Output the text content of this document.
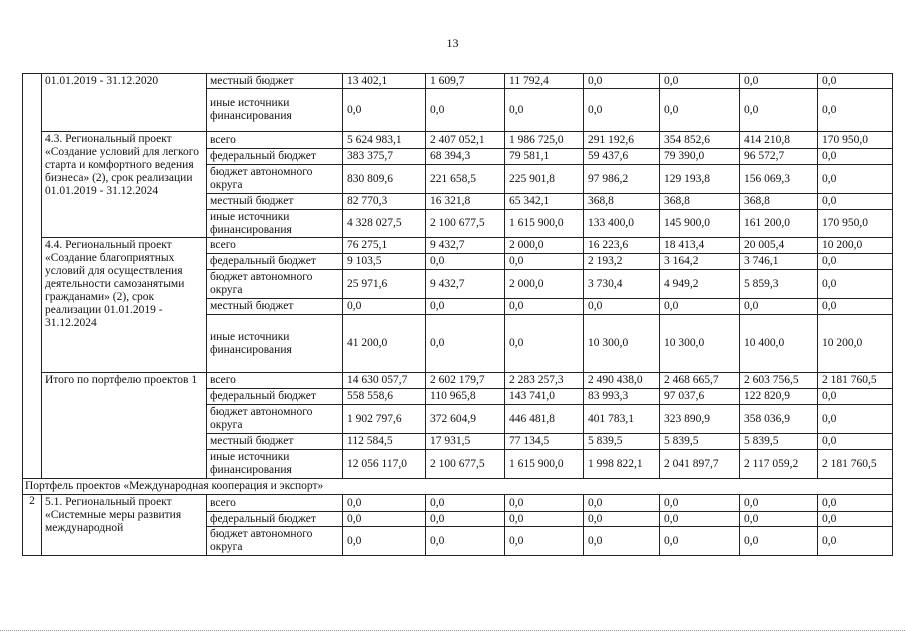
13
	01.01.2019 - 31.12.2020	местный бюджет	13 402,1	1 609,7	11 792,4	0,0	0,0	0,0	0,0
		иные источники финансирования	0,0	0,0	0,0	0,0	0,0	0,0	0,0
	4.3. Региональный проект «Создание условий для легкого старта и комфортного ведения бизнеса» (2), срок реализации 01.01.2019 - 31.12.2024	всего	5 624 983,1	2 407 052,1	1 986 725,0	291 192,6	354 852,6	414 210,8	170 950,0
		федеральный бюджет	383 375,7	68 394,3	79 581,1	59 437,6	79 390,0	96 572,7	0,0
		бюджет автономного округа	830 809,6	221 658,5	225 901,8	97 986,2	129 193,8	156 069,3	0,0
		местный бюджет	82 770,3	16 321,8	65 342,1	368,8	368,8	368,8	0,0
		иные источники финансирования	4 328 027,5	2 100 677,5	1 615 900,0	133 400,0	145 900,0	161 200,0	170 950,0
	4.4. Региональный проект «Создание благоприятных условий для осуществления деятельности самозанятыми гражданами» (2), срок реализации 01.01.2019 - 31.12.2024	всего	76 275,1	9 432,7	2 000,0	16 223,6	18 413,4	20 005,4	10 200,0
		федеральный бюджет	9 103,5	0,0	0,0	2 193,2	3 164,2	3 746,1	0,0
		бюджет автономного округа	25 971,6	9 432,7	2 000,0	3 730,4	4 949,2	5 859,3	0,0
		местный бюджет	0,0	0,0	0,0	0,0	0,0	0,0	0,0
		иные источники финансирования	41 200,0	0,0	0,0	10 300,0	10 300,0	10 400,0	10 200,0
	Итого по портфелю проектов 1	всего	14 630 057,7	2 602 179,7	2 283 257,3	2 490 438,0	2 468 665,7	2 603 756,5	2 181 760,5
		федеральный бюджет	558 558,6	110 965,8	143 741,0	83 993,3	97 037,6	122 820,9	0,0
		бюджет автономного округа	1 902 797,6	372 604,9	446 481,8	401 783,1	323 890,9	358 036,9	0,0
		местный бюджет	112 584,5	17 931,5	77 134,5	5 839,5	5 839,5	5 839,5	0,0
		иные источники финансирования	12 056 117,0	2 100 677,5	1 615 900,0	1 998 822,1	2 041 897,7	2 117 059,2	2 181 760,5
Портфель проектов «Международная кооперация и экспорт»									
2	5.1. Региональный проект «Системные меры развития международной	всего	0,0	0,0	0,0	0,0	0,0	0,0	0,0
		федеральный бюджет	0,0	0,0	0,0	0,0	0,0	0,0	0,0
		бюджет автономного округа	0,0	0,0	0,0	0,0	0,0	0,0	0,0
